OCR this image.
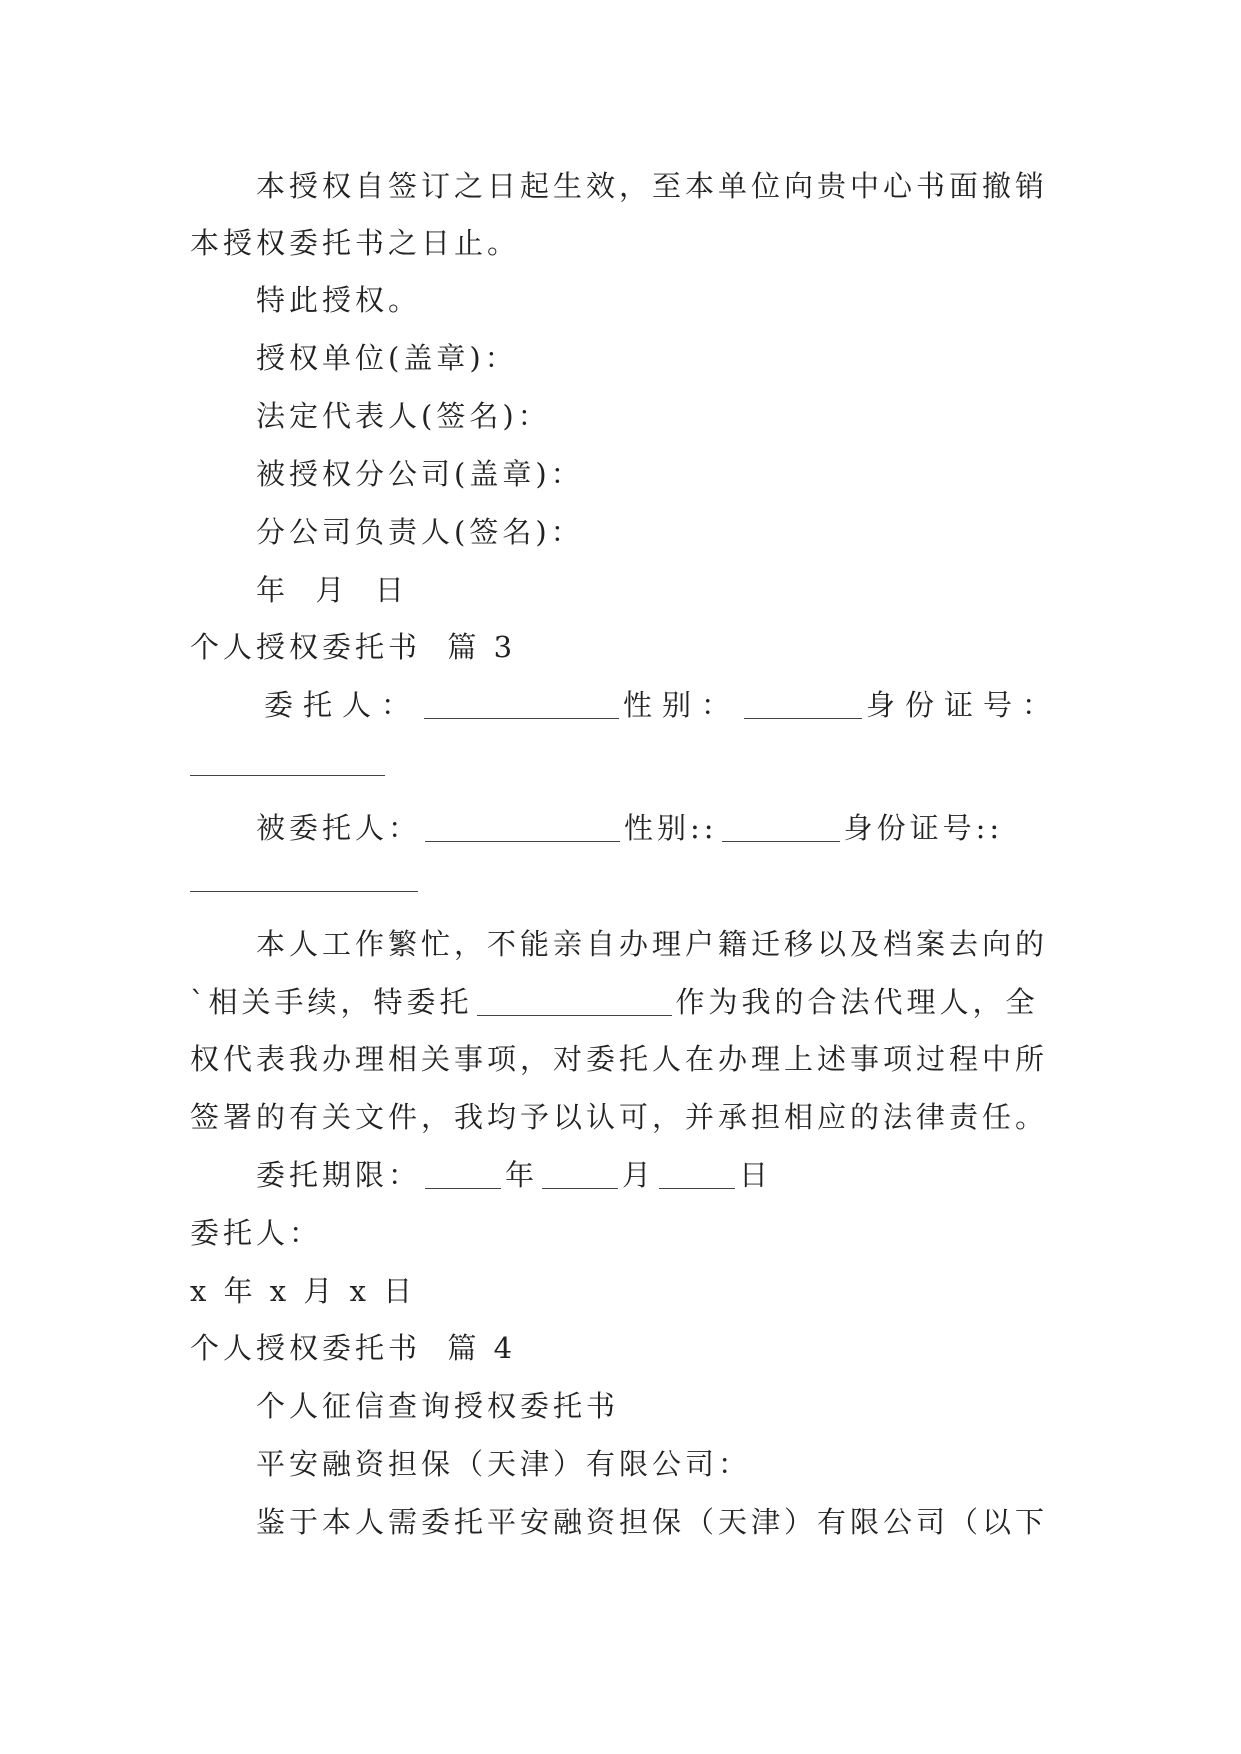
本授权自签订之日起生效，至本单位向贵中心书面撤销
本授权委托书之日止。
特此授权。
授权单位(盖章)：
法定代表人(签名)：
被授权分公司(盖章)：
分公司负责人(签名)：
年  月  日
个人授权委托书  篇 3
委托人：	性别：	身份证号：
被委托人：	性别::	身份证号::
本人工作繁忙，不能亲自办理户籍迁移以及档案去向的
`相关手续，特委托	作为我的合法代理人，全
权代表我办理相关事项，对委托人在办理上述事项过程中所
签署的有关文件，我均予以认可，并承担相应的法律责任。
委托期限：	年	月	日
委托人：
x 年 x 月 x 日
个人授权委托书  篇 4
个人征信查询授权委托书
平安融资担保（天津）有限公司：
鉴于本人需委托平安融资担保（天津）有限公司（以下
